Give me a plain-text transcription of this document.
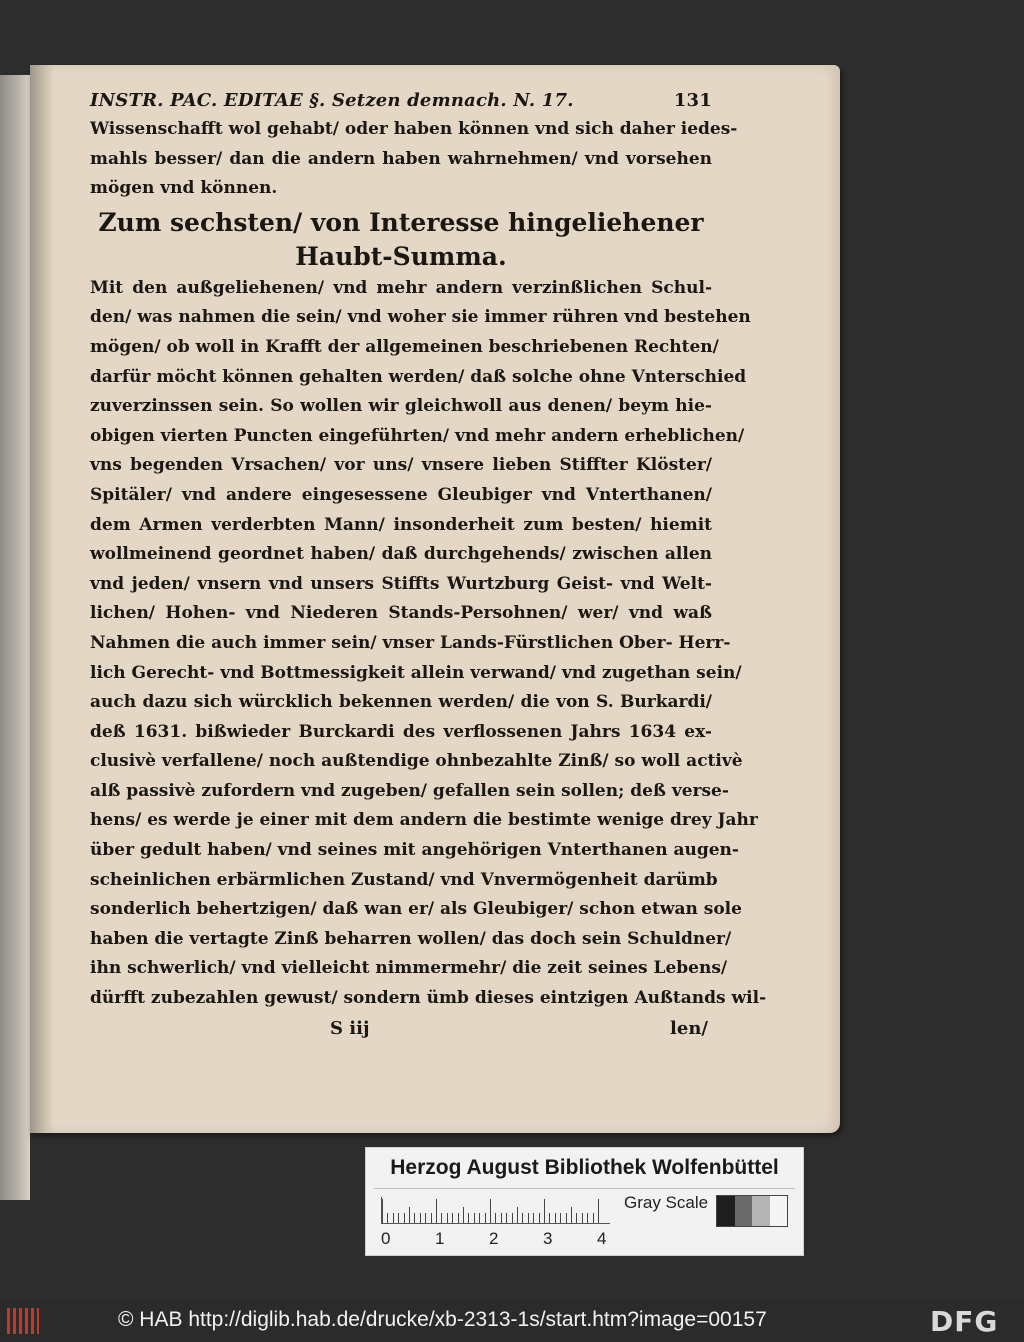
INSTR. PAC. EDITAE §. Setzen demnach. N. 17.	131
Wissenschafft wol gehabt/ oder haben können vnd sich daher iedes-
mahls besser/ dan die andern haben wahrnehmen/ vnd vorsehen
mögen vnd können.
Zum sechsten/ von Interesse hingeliehener
Haubt-Summa.
Mit den außgeliehenen/ vnd mehr andern verzinßlichen Schul-
den/ was nahmen die sein/ vnd woher sie immer rühren vnd bestehen
mögen/ ob woll in Krafft der allgemeinen beschriebenen Rechten/
darfür möcht können gehalten werden/ daß solche ohne Vnterschied
zuverzinssen sein. So wollen wir gleichwoll aus denen/ beym hie-
obigen vierten Puncten eingeführten/ vnd mehr andern erheblichen/
vns begenden Vrsachen/ vor uns/ vnsere lieben Stiffter Klöster/
Spitäler/ vnd andere eingesessene Gleubiger vnd Vnterthanen/
dem Armen verderbten Mann/ insonderheit zum besten/ hiemit
wollmeinend geordnet haben/ daß durchgehends/ zwischen allen
vnd jeden/ vnsern vnd unsers Stiffts Wurtzburg Geist- vnd Welt-
lichen/ Hohen- vnd Niederen Stands-Persohnen/ wer/ vnd waß
Nahmen die auch immer sein/ vnser Lands-Fürstlichen Ober- Herr-
lich Gerecht- vnd Bottmessigkeit allein verwand/ vnd zugethan sein/
auch dazu sich würcklich bekennen werden/ die von S. Burkardi/
deß 1631. bißwieder Burckardi des verflossenen Jahrs 1634 ex-
clusivè verfallene/ noch außtendige ohnbezahlte Zinß/ so woll activè
alß passivè zufordern vnd zugeben/ gefallen sein sollen; deß verse-
hens/ es werde je einer mit dem andern die bestimte wenige drey Jahr
über gedult haben/ vnd seines mit angehörigen Vnterthanen augen-
scheinlichen erbärmlichen Zustand/ vnd Vnvermögenheit darümb
sonderlich behertzigen/ daß wan er/ als Gleubiger/ schon etwan sole
haben die vertagte Zinß beharren wollen/ das doch sein Schuldner/
ihn schwerlich/ vnd vielleicht nimmermehr/ die zeit seines Lebens/
dürfft zubezahlen gewust/ sondern ümb dieses eintzigen Außtands wil-
S iij	len/
Herzog August Bibliothek Wolfenbüttel
0	1	2	3	4
Gray Scale
© HAB http://diglib.hab.de/drucke/xb-2313-1s/start.htm?image=00157	DFG
